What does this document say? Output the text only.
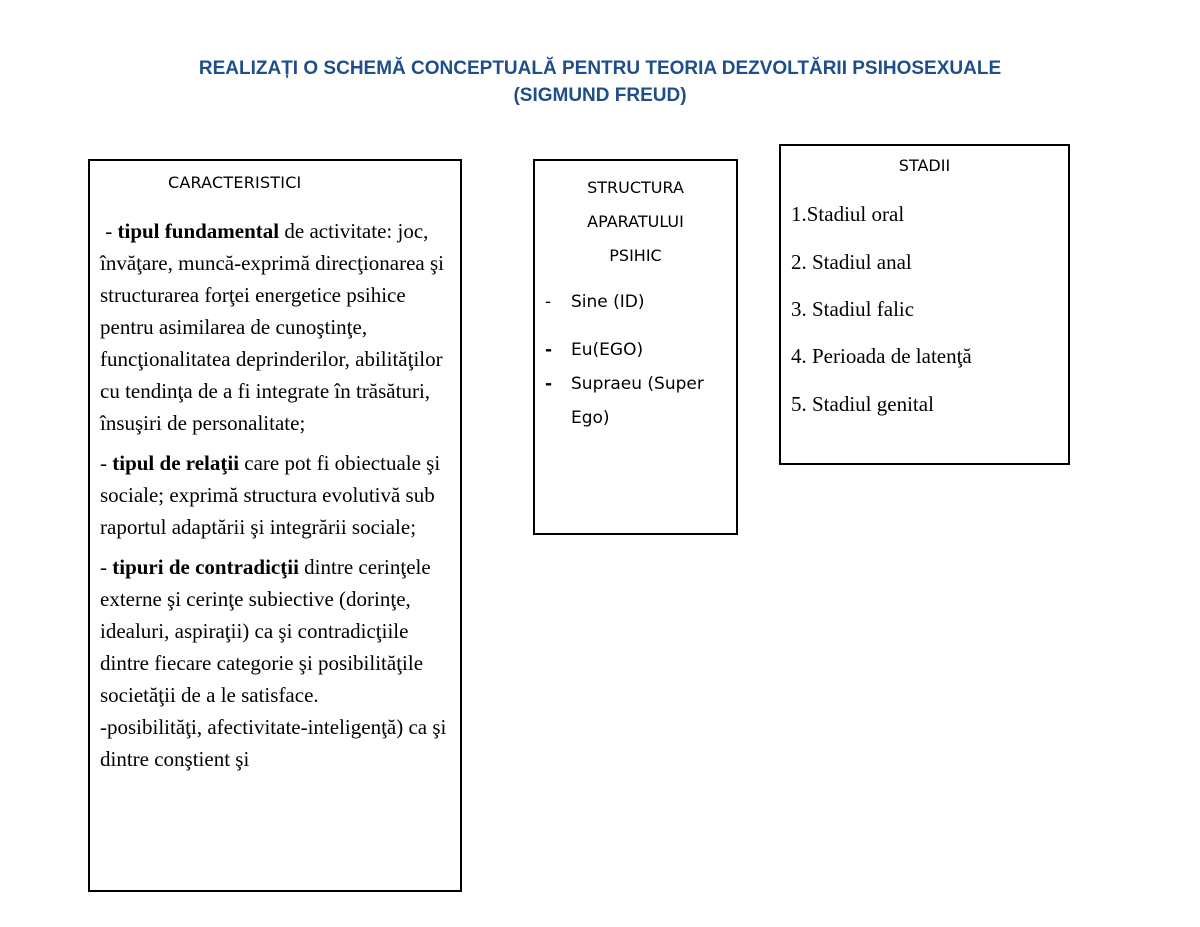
REALIZAȚI O SCHEMĂ CONCEPTUALĂ PENTRU TEORIA DEZVOLTĂRII PSIHOSEXUALE
(SIGMUND FREUD)
CARACTERISTICI

- tipul fundamental de activitate: joc, învăţare, muncă-exprimă direcţionarea şi structurarea forţei energetice psihice pentru asimilarea de cunoştinţe, funcţionalitatea deprinderilor, abilităţilor cu tendinţa de a fi integrate în trăsături, însuşiri de personalitate;

- tipul de relaţii care pot fi obiectuale şi sociale; exprimă structura evolutivă sub raportul adaptării şi integrării sociale;

- tipuri de contradicţii dintre cerinţele externe şi cerinţe subiective (dorinţe, idealuri, aspiraţii) ca şi contradicţiile dintre fiecare categorie şi posibilităţile societăţii de a le satisface.

-posibilităţi, afectivitate-inteligenţă) ca şi dintre conştient şi

STRUCTURA
APARATULUI
PSIHIC
- Sine (ID)
- Eu(EGO)
- Supraeu (Super Ego)
STADII
1.Stadiul oral
2. Stadiul anal
3. Stadiul falic
4. Perioada de latenţă
5. Stadiul genital
